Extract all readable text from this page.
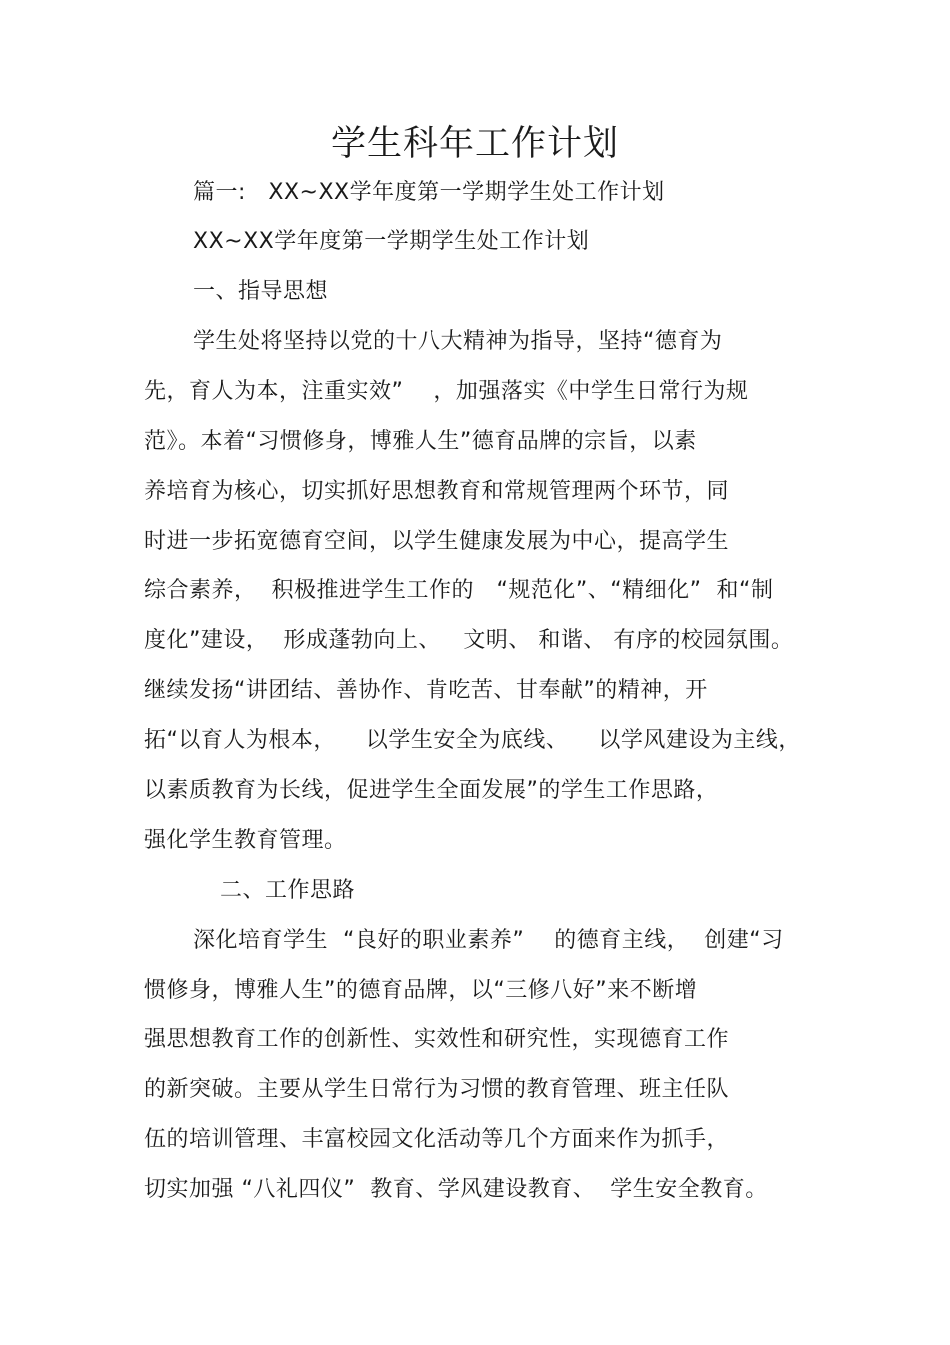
学生科年工作计划
篇一:   XX~XX学年度第一学期学生处工作计划
XX~XX学年度第一学期学生处工作计划
一、指导思想
学生处将坚持以党的十八大精神为指导，坚持“德育为
先，育人为本，注重实效”    ，加强落实《中学生日常行为规
范》。本着“习惯修身，博雅人生”德育品牌的宗旨，以素
养培育为核心，切实抓好思想教育和常规管理两个环节，同
时进一步拓宽德育空间，以学生健康发展为中心，提高学生
综合素养，  积极推进学生工作的   “规范化”、“精细化”  和“制
度化”建设，  形成蓬勃向上、   文明、 和谐、 有序的校园氛围。
继续发扬“讲团结、善协作、肯吃苦、甘奉献”的精神，开
拓“以育人为根本，    以学生安全为底线、    以学风建设为主线，
以素质教育为长线，促进学生全面发展”的学生工作思路，
强化学生教育管理。
二、工作思路
深化培育学生  “良好的职业素养”    的德育主线，  创建“习
惯修身，博雅人生”的德育品牌，以“三修八好”来不断增
强思想教育工作的创新性、实效性和研究性，实现德育工作
的新突破。主要从学生日常行为习惯的教育管理、班主任队
伍的培训管理、丰富校园文化活动等几个方面来作为抓手，
切实加强 “八礼四仪”  教育、学风建设教育、  学生安全教育。
